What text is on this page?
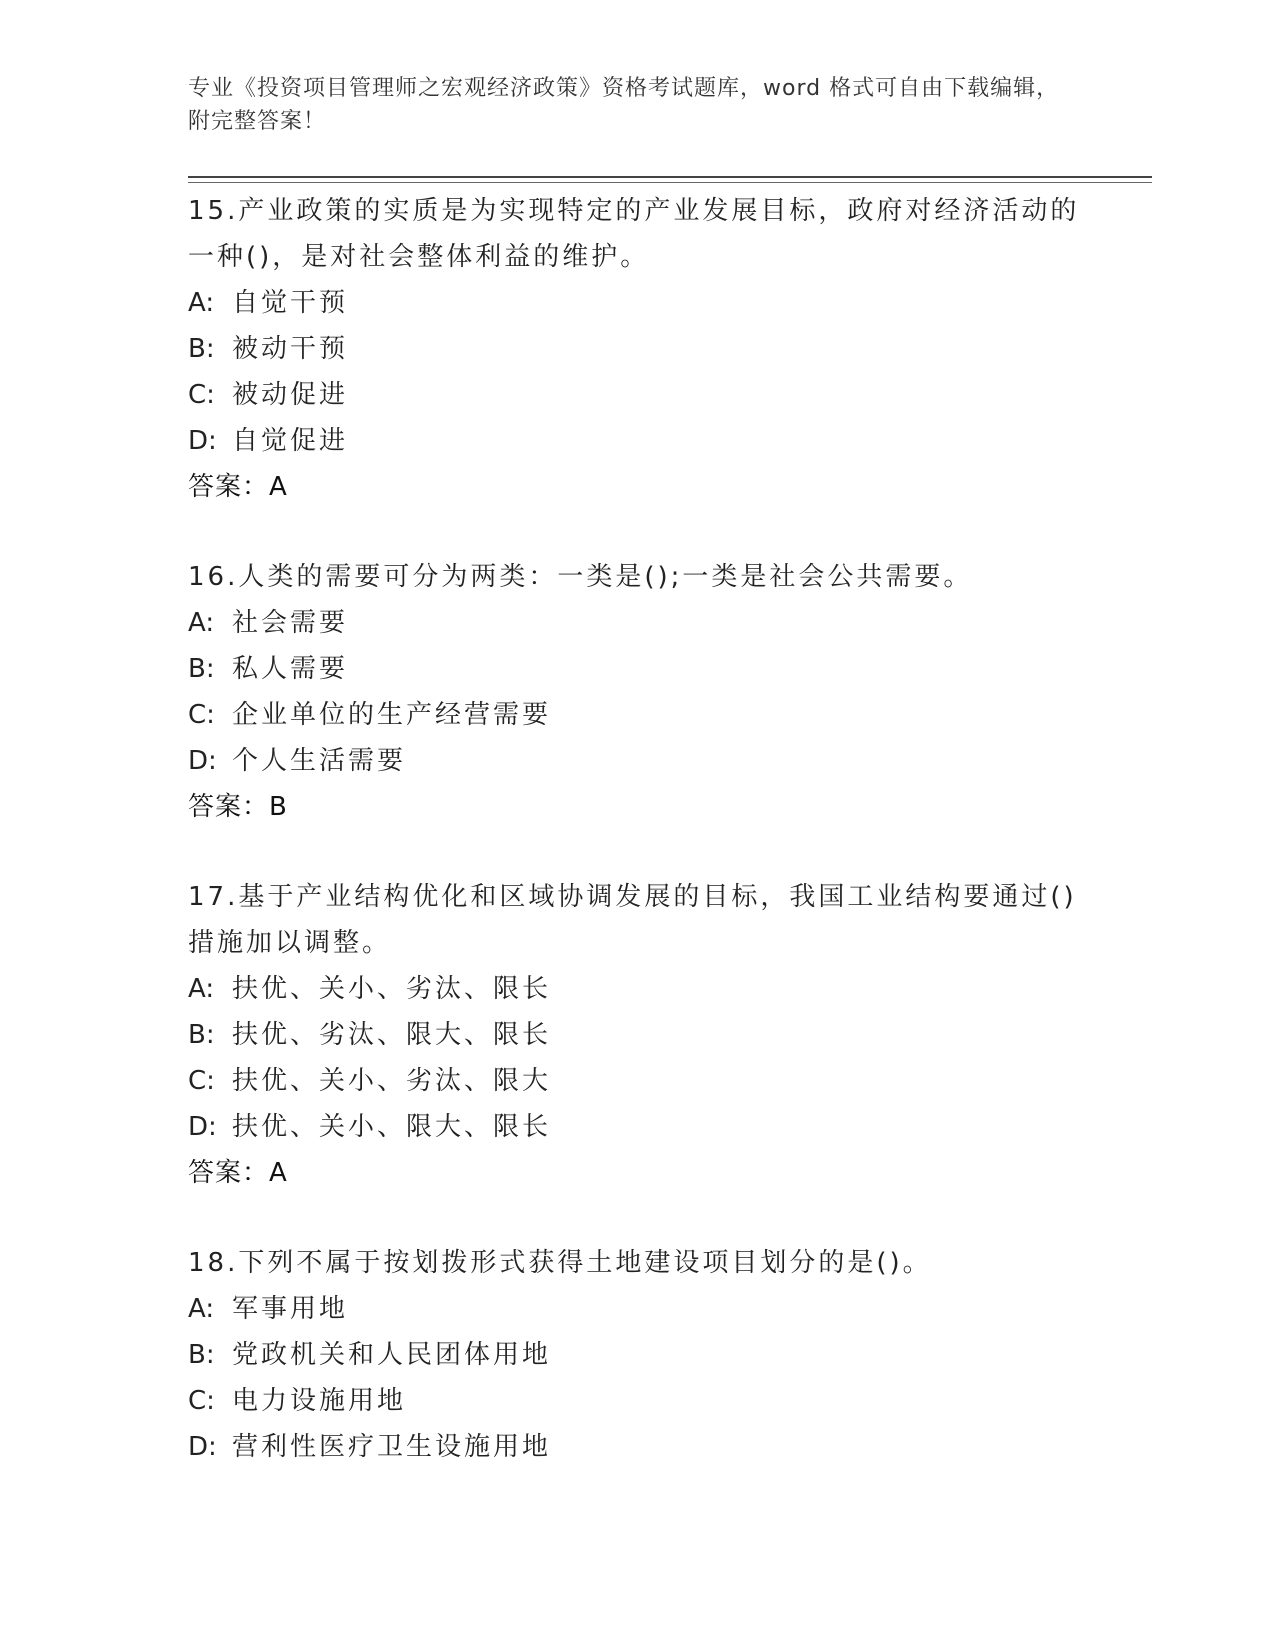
专业《投资项目管理师之宏观经济政策》资格考试题库，word 格式可自由下载编辑，附完整答案！

15.产业政策的实质是为实现特定的产业发展目标，政府对经济活动的一种()，是对社会整体利益的维护。

A: 自觉干预

B: 被动干预

C: 被动促进

D: 自觉促进

答案：A

16.人类的需要可分为两类：一类是();一类是社会公共需要。

A: 社会需要

B: 私人需要

C: 企业单位的生产经营需要

D: 个人生活需要

答案：B

17.基于产业结构优化和区域协调发展的目标，我国工业结构要通过()措施加以调整。

A: 扶优、关小、劣汰、限长

B: 扶优、劣汰、限大、限长

C: 扶优、关小、劣汰、限大

D: 扶优、关小、限大、限长

答案：A

18.下列不属于按划拨形式获得土地建设项目划分的是()。

A: 军事用地

B: 党政机关和人民团体用地

C: 电力设施用地

D: 营利性医疗卫生设施用地
